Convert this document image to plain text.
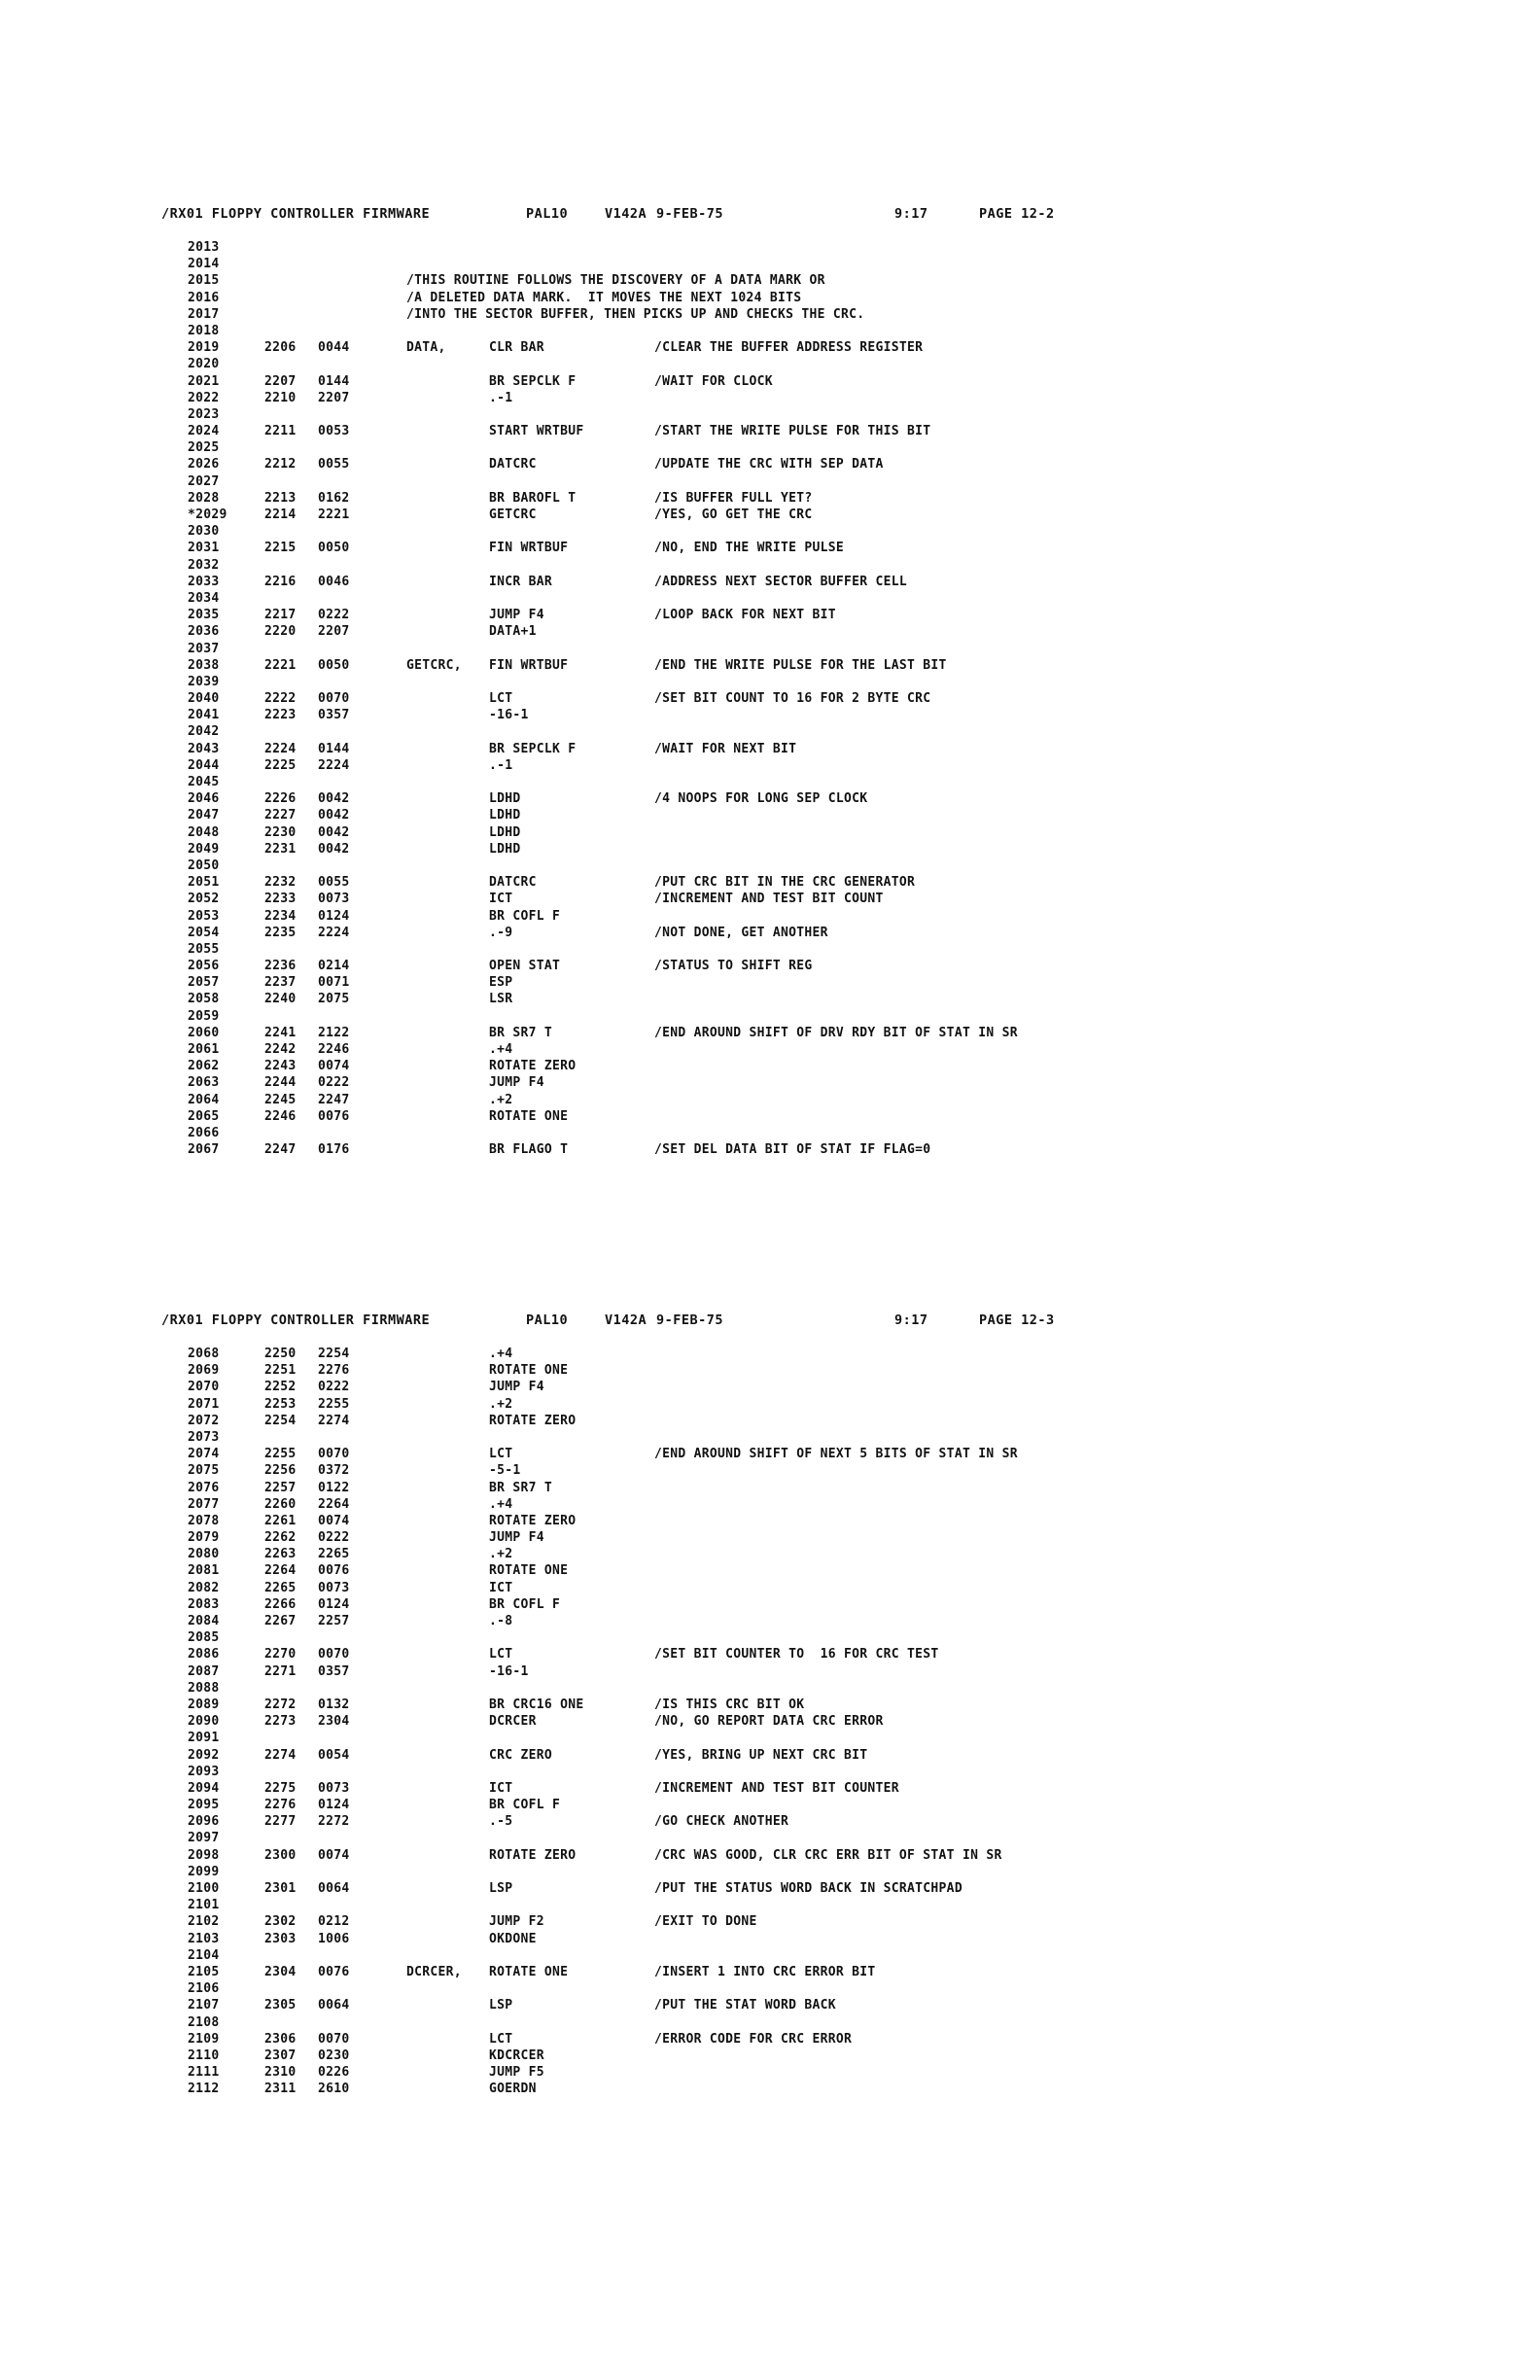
/RX01 FLOPPY CONTROLLER FIRMWARE

	PAL10

	V142A

9-FEB-75

	9:17

	PAGE 12-2

2013
2014
2015	/THIS ROUTINE FOLLOWS THE DISCOVERY OF A DATA MARK OR
2016	/A DELETED DATA MARK.  IT MOVES THE NEXT 1024 BITS
2017	/INTO THE SECTOR BUFFER, THEN PICKS UP AND CHECKS THE CRC.
2018
2019	2206 0044	DATA,	CLR BAR	/CLEAR THE BUFFER ADDRESS REGISTER
2020
2021	2207 0144	BR SEPCLK F	/WAIT FOR CLOCK
2022	2210 2207	.-1
2023
2024	2211 0053	START WRTBUF	/START THE WRITE PULSE FOR THIS BIT
2025
2026	2212 0055	DATCRC	/UPDATE THE CRC WITH SEP DATA
2027
2028	2213 0162	BR BAROFL T	/IS BUFFER FULL YET?
*2029	2214 2221	GETCRC	/YES, GO GET THE CRC
2030
2031	2215 0050	FIN WRTBUF	/NO, END THE WRITE PULSE
2032
2033	2216 0046	INCR BAR	/ADDRESS NEXT SECTOR BUFFER CELL
2034
2035	2217 0222	JUMP F4	/LOOP BACK FOR NEXT BIT
2036	2220 2207	DATA+1
2037
2038	2221 0050	GETCRC, FIN WRTBUF	/END THE WRITE PULSE FOR THE LAST BIT
2039
2040	2222 0070	LCT	/SET BIT COUNT TO 16 FOR 2 BYTE CRC
2041	2223 0357	-16-1
2042
2043	2224 0144	BR SEPCLK F	/WAIT FOR NEXT BIT
2044	2225 2224	.-1
2045
2046	2226 0042	LDHD	/4 NOOPS FOR LONG SEP CLOCK
2047	2227 0042	LDHD
2048	2230 0042	LDHD
2049	2231 0042	LDHD
2050
2051	2232 0055	DATCRC	/PUT CRC BIT IN THE CRC GENERATOR
2052	2233 0073	ICT	/INCREMENT AND TEST BIT COUNT
2053	2234 0124	BR COFL F
2054	2235 2224	.-9	/NOT DONE, GET ANOTHER
2055
2056	2236 0214	OPEN STAT	/STATUS TO SHIFT REG
2057	2237 0071	ESP
2058	2240 2075	LSR
2059
2060	2241 2122	BR SR7 T	/END AROUND SHIFT OF DRV RDY BIT OF STAT IN SR
2061	2242 2246	.+4
2062	2243 0074	ROTATE ZERO
2063	2244 0222	JUMP F4
2064	2245 2247	.+2
2065	2246 0076	ROTATE ONE
2066
2067	2247 0176	BR FLAGO T	/SET DEL DATA BIT OF STAT IF FLAG=0

/RX01 FLOPPY CONTROLLER FIRMWARE

	PAL10

	V142A

9-FEB-75

	9:17

	PAGE 12-3

2068	2250 2254	.+4
2069	2251 2276	ROTATE ONE
2070	2252 0222	JUMP F4
2071	2253 2255	.+2
2072	2254 2274	ROTATE ZERO
2073
2074	2255 0070	LCT	/END AROUND SHIFT OF NEXT 5 BITS OF STAT IN SR
2075	2256 0372	-5-1
2076	2257 0122	BR SR7 T
2077	2260 2264	.+4
2078	2261 0074	ROTATE ZERO
2079	2262 0222	JUMP F4
2080	2263 2265	.+2
2081	2264 0076	ROTATE ONE
2082	2265 0073	ICT
2083	2266 0124	BR COFL F
2084	2267 2257	.-8
2085
2086	2270 0070	LCT	/SET BIT COUNTER TO  16 FOR CRC TEST
2087	2271 0357	-16-1
2088
2089	2272 0132	BR CRC16 ONE	/IS THIS CRC BIT OK
2090	2273 2304	DCRCER	/NO, GO REPORT DATA CRC ERROR
2091
2092	2274 0054	CRC ZERO	/YES, BRING UP NEXT CRC BIT
2093
2094	2275 0073	ICT	/INCREMENT AND TEST BIT COUNTER
2095	2276 0124	BR COFL F
2096	2277 2272	.-5	/GO CHECK ANOTHER
2097
2098	2300 0074	ROTATE ZERO	/CRC WAS GOOD, CLR CRC ERR BIT OF STAT IN SR
2099
2100	2301 0064	LSP	/PUT THE STATUS WORD BACK IN SCRATCHPAD
2101
2102	2302 0212	JUMP F2	/EXIT TO DONE
2103	2303 1006	OKDONE
2104
2105	2304 0076	DCRCER, ROTATE ONE	/INSERT 1 INTO CRC ERROR BIT
2106
2107	2305 0064	LSP	/PUT THE STAT WORD BACK
2108
2109	2306 0070	LCT	/ERROR CODE FOR CRC ERROR
2110	2307 0230	KDCRCER
2111	2310 0226	JUMP F5
2112	2311 2610	GOERDN
